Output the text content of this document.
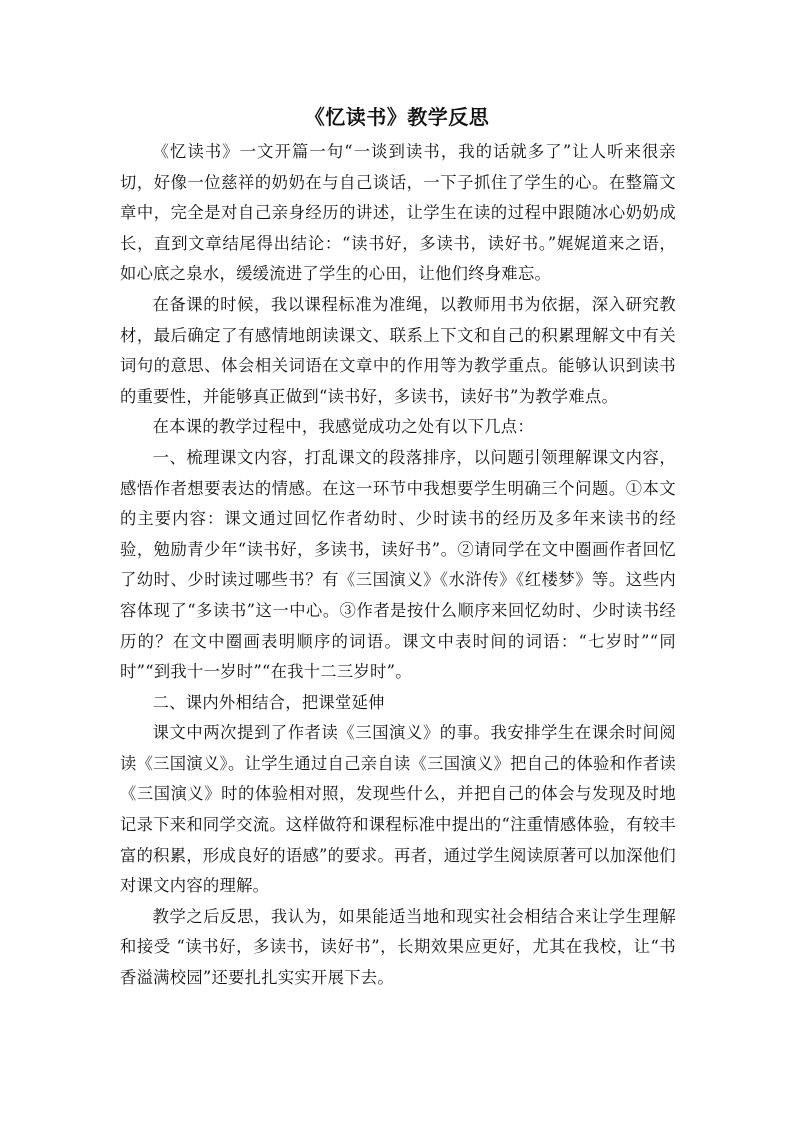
《忆读书》教学反思

《忆读书》一文开篇一句“一谈到读书，我的话就多了”让人听来很亲切，好像一位慈祥的奶奶在与自己谈话，一下子抓住了学生的心。在整篇文章中，完全是对自己亲身经历的讲述，让学生在读的过程中跟随冰心奶奶成长，直到文章结尾得出结论：“读书好，多读书，读好书。”娓娓道来之语，如心底之泉水，缓缓流进了学生的心田，让他们终身难忘。

在备课的时候，我以课程标准为准绳，以教师用书为依据，深入研究教材，最后确定了有感情地朗读课文、联系上下文和自己的积累理解文中有关词句的意思、体会相关词语在文章中的作用等为教学重点。能够认识到读书的重要性，并能够真正做到“读书好，多读书，读好书”为教学难点。

在本课的教学过程中，我感觉成功之处有以下几点：

一、梳理课文内容，打乱课文的段落排序，以问题引领理解课文内容，感悟作者想要表达的情感。在这一环节中我想要学生明确三个问题。①本文的主要内容：课文通过回忆作者幼时、少时读书的经历及多年来读书的经验，勉励青少年“读书好，多读书，读好书”。②请同学在文中圈画作者回忆了幼时、少时读过哪些书？有《三国演义》《水浒传》《红楼梦》等。这些内容体现了“多读书”这一中心。③作者是按什么顺序来回忆幼时、少时读书经历的？在文中圈画表明顺序的词语。课文中表时间的词语：“七岁时”“同时”“到我十一岁时”“在我十二三岁时”。

二、课内外相结合，把课堂延伸

课文中两次提到了作者读《三国演义》的事。我安排学生在课余时间阅读《三国演义》。让学生通过自己亲自读《三国演义》把自己的体验和作者读《三国演义》时的体验相对照，发现些什么，并把自己的体会与发现及时地记录下来和同学交流。这样做符和课程标准中提出的“注重情感体验，有较丰富的积累，形成良好的语感”的要求。再者，通过学生阅读原著可以加深他们对课文内容的理解。

教学之后反思，我认为，如果能适当地和现实社会相结合来让学生理解和接受 “读书好，多读书，读好书”，长期效果应更好，尤其在我校，让“书香溢满校园”还要扎扎实实开展下去。
